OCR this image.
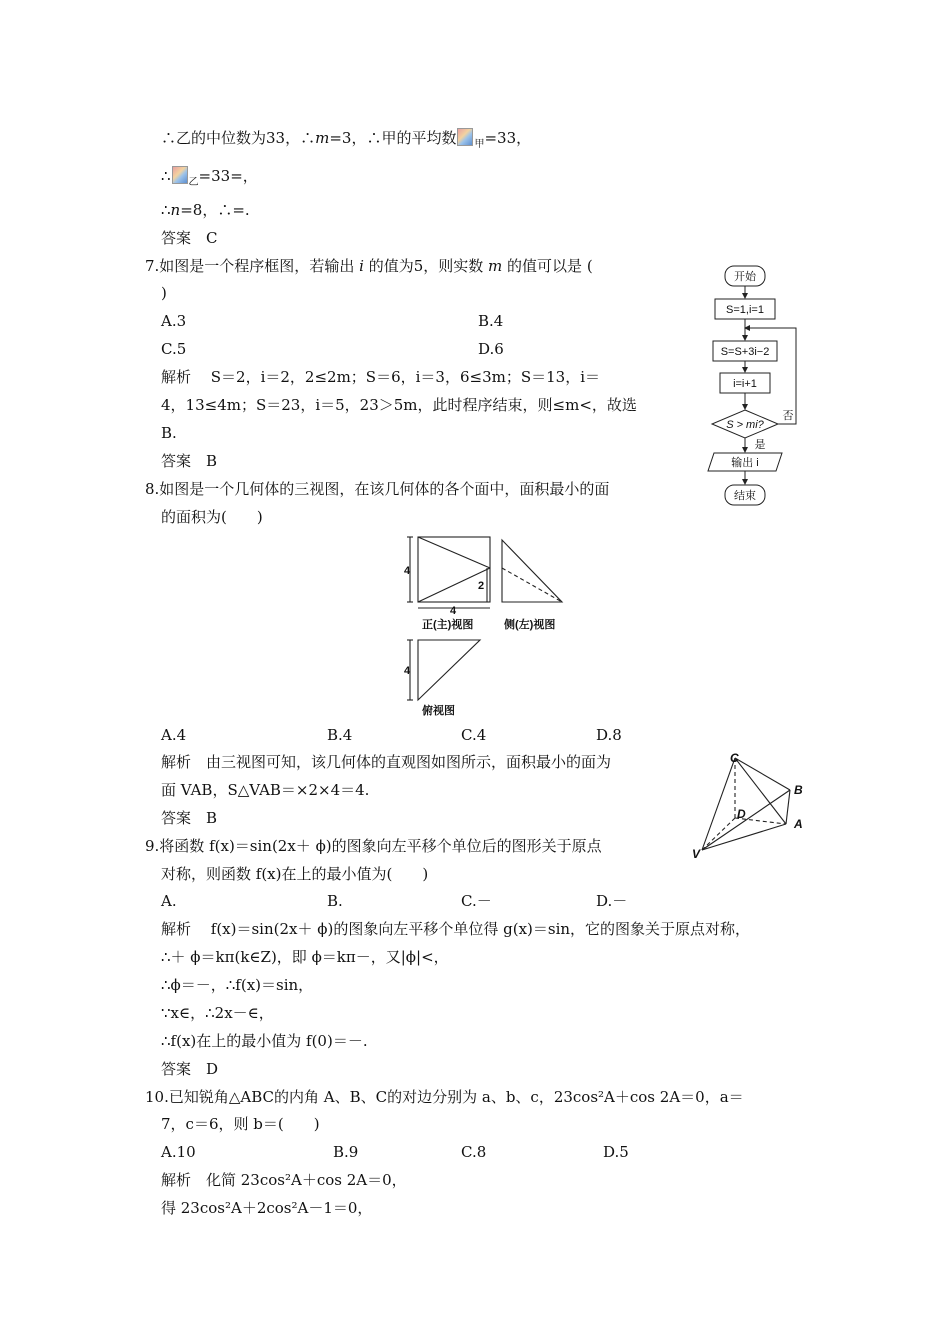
∴乙的中位数为33，∴m=3，∴甲的平均数 $_甲$=33，
∴ $_乙$=33=，
∴n=8，∴=.
答案　C
7.如图是一个程序框图，若输出 i 的值为5，则实数 m 的值可以是 (
)
A.3	B.4
C.5	D.6
解析　 S＝2，i＝2，2≤2m；S＝6，i＝3，6≤3m；S＝13，i＝
4，13≤4m；S＝23，i＝5，23＞5m，此时程序结束，则≤m<，故选
B.
答案　B
开始
S=1,i=1
S=S+3i−2
i=i+1
S > mi?
否
是
输出 i
结束
8.如图是一个几何体的三视图，在该几何体的各个面中，面积最小的面
的面积为(　　)
4
2
4
4
正(主)视图	侧(左)视图
俯视图
A.4	B.4	C.4	D.8
解析　由三视图可知，该几何体的直观图如图所示，面积最小的面为
面 VAB，S△VAB＝×2×4＝4.
答案　B
C
B
D
A
V
9.将函数 f(x)＝sin(2x＋ ϕ)的图象向左平移个单位后的图形关于原点
对称，则函数 f(x)在上的最小值为(　　)
A.	B.	C.－	D.－
解析　 f(x)＝sin(2x＋ ϕ)的图象向左平移个单位得 g(x)＝sin，它的图象关于原点对称，
∴＋ ϕ＝kπ(k∈Z)，即 ϕ＝kπ－，又|ϕ|<，
∴ϕ＝－，∴f(x)＝sin，
∵x∈，∴2x－∈，
∴f(x)在上的最小值为 f(0)＝－.
答案　D
10.已知锐角△ABC的内角 A、B、C的对边分别为 a、b、c，23cos²A＋cos 2A＝0，a＝
7，c＝6，则 b＝(　　)
A.10	B.9	C.8	D.5
解析　化简 23cos²A＋cos 2A＝0，
得 23cos²A＋2cos²A－1＝0，
